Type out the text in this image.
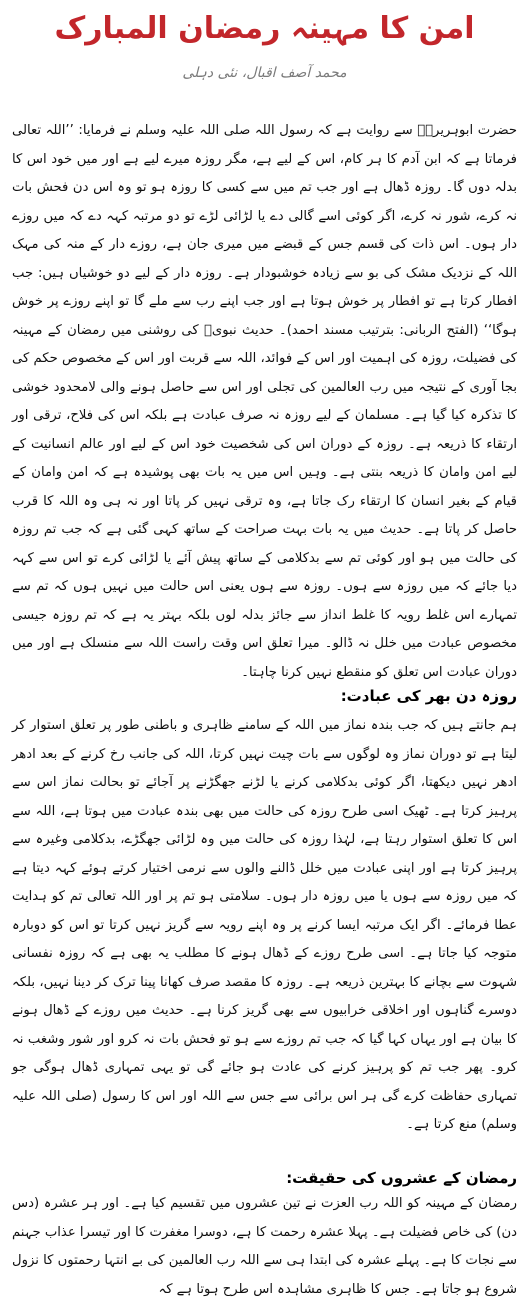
امن کا مہینہ رمضان المبارک
محمد آصف اقبال، نئی دہلی

حضرت ابوہریرہؓ سے روایت ہے کہ رسول اللہ صلی اللہ علیہ وسلم نے فرمایا: ’’اللہ تعالی فرماتا ہے کہ ابن آدم کا ہر کام، اس کے لیے ہے، مگر روزہ میرے لیے ہے اور میں خود اس کا بدلہ دوں گا۔ روزہ ڈھال ہے اور جب تم میں سے کسی کا روزہ ہو تو وہ اس دن فحش بات نہ کرے، شور نہ کرے، اگر کوئی اسے گالی دے یا لڑائی لڑے تو دو مرتبہ کہہ دے کہ میں روزے دار ہوں۔ اس ذات کی قسم جس کے قبضے میں میری جان ہے، روزے دار کے منہ کی مہک اللہ کے نزدیک مشک کی بو سے زیادہ خوشبودار ہے۔ روزہ دار کے لیے دو خوشیاں ہیں: جب افطار کرتا ہے تو افطار پر خوش ہوتا ہے اور جب اپنے رب سے ملے گا تو اپنے روزے پر خوش ہوگا‘‘ (الفتح الربانی: بترتیب مسند احمد)۔ حدیث نبویؐ کی روشنی میں رمضان کے مہینہ کی فضیلت، روزہ کی اہمیت اور اس کے فوائد، اللہ سے قربت اور اس کے مخصوص حکم کی بجا آوری کے نتیجہ میں رب العالمین کی تجلی اور اس سے حاصل ہونے والی لامحدود خوشی کا تذکرہ کیا گیا ہے۔ مسلمان کے لیے روزہ نہ صرف عبادت ہے بلکہ اس کی فلاح، ترقی اور ارتقاء کا ذریعہ ہے۔ روزہ کے دوران اس کی شخصیت خود اس کے لیے اور عالم انسانیت کے لیے امن وامان کا ذریعہ بنتی ہے۔ وہیں اس میں یہ بات بھی پوشیدہ ہے کہ امن وامان کے قیام کے بغیر انسان کا ارتقاء رک جاتا ہے، وہ ترقی نہیں کر پاتا اور نہ ہی وہ اللہ کا قرب حاصل کر پاتا ہے۔ حدیث میں یہ بات بہت صراحت کے ساتھ کہی گئی ہے کہ جب تم روزہ کی حالت میں ہو اور کوئی تم سے بدکلامی کے ساتھ پیش آئے یا لڑائی کرے تو اس سے کہہ دیا جائے کہ میں روزہ سے ہوں۔ روزہ سے ہوں یعنی اس حالت میں نہیں ہوں کہ تم سے تمہارے اس غلط رویہ کا غلط انداز سے جائز بدلہ لوں بلکہ بہتر یہ ہے کہ تم روزہ جیسی مخصوص عبادت میں خلل نہ ڈالو۔ میرا تعلق اس وقت راست اللہ سے منسلک ہے اور میں دوران عبادت اس تعلق کو منقطع نہیں کرنا چاہتا۔

روزہ دن بھر کی عبادت:

ہم جانتے ہیں کہ جب بندہ نماز میں اللہ کے سامنے ظاہری و باطنی طور پر تعلق استوار کر لیتا ہے تو دوران نماز وہ لوگوں سے بات چیت نہیں کرتا، اللہ کی جانب رخ کرنے کے بعد ادھر ادھر نہیں دیکھتا، اگر کوئی بدکلامی کرنے یا لڑنے جھگڑنے پر آجائے تو بحالت نماز اس سے پرہیز کرتا ہے۔ ٹھیک اسی طرح روزہ کی حالت میں بھی بندہ عبادت میں ہوتا ہے، اللہ سے اس کا تعلق استوار رہتا ہے، لہٰذا روزہ کی حالت میں وہ لڑائی جھگڑے، بدکلامی وغیرہ سے پرہیز کرتا ہے اور اپنی عبادت میں خلل ڈالنے والوں سے نرمی اختیار کرتے ہوئے کہہ دیتا ہے کہ میں روزہ سے ہوں یا میں روزہ دار ہوں۔ سلامتی ہو تم پر اور اللہ تعالی تم کو ہدایت عطا فرمائے۔ اگر ایک مرتبہ ایسا کرنے پر وہ اپنے رویہ سے گریز نہیں کرتا تو اس کو دوبارہ متوجہ کیا جاتا ہے۔ اسی طرح روزے کے ڈھال ہونے کا مطلب یہ بھی ہے کہ روزہ نفسانی شہوت سے بچانے کا بہترین ذریعہ ہے۔ روزہ کا مقصد صرف کھانا پینا ترک کر دینا نہیں، بلکہ دوسرے گناہوں اور اخلاقی خرابیوں سے بھی گریز کرنا ہے۔ حدیث میں روزے کے ڈھال ہونے کا بیان ہے اور یہاں کہا گیا کہ جب تم روزے سے ہو تو فحش بات نہ کرو اور شور وشغب نہ کرو۔ پھر جب تم کو پرہیز کرنے کی عادت ہو جائے گی تو یہی تمہاری ڈھال ہوگی جو تمہاری حفاظت کرے گی ہر اس برائی سے جس سے اللہ اور اس کا رسول (صلی اللہ علیہ وسلم) منع کرتا ہے۔

رمضان کے عشروں کی حقیقت:

رمضان کے مہینہ کو اللہ رب العزت نے تین عشروں میں تقسیم کیا ہے۔ اور ہر عشرہ (دس دن) کی خاص فضیلت ہے۔ پہلا عشرہ رحمت کا ہے، دوسرا مغفرت کا اور تیسرا عذاب جہنم سے نجات کا ہے۔ پہلے عشرہ کی ابتدا ہی سے اللہ رب العالمین کی بے انتہا رحمتوں کا نزول شروع ہو جاتا ہے۔ جس کا ظاہری مشاہدہ اس طرح ہوتا ہے کہ
